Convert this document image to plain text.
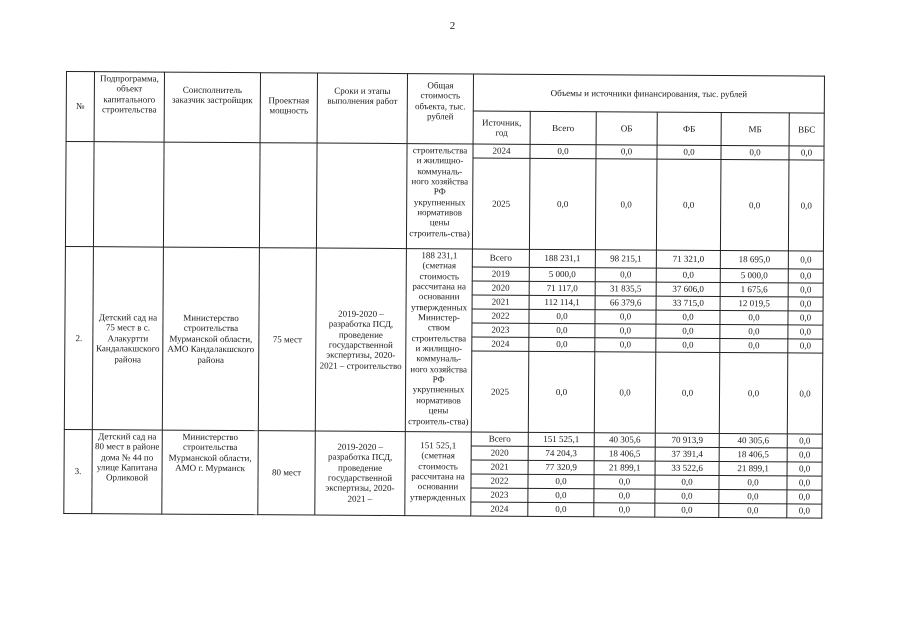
2
№	Подпрограмма, объект капитального строительства	Соисполнитель заказчик застройщик	Проектная мощность	Сроки и этапы выполнения работ	Общая стоимость объекта, тыс. рублей	Объемы и источники финансирования, тыс. рублей					
						Источник, год	Всего	ОБ	ФБ	МБ	ВБС
					строительства и жилищно-коммуналь-ного хозяйства РФ укрупненных нормативов цены строитель-ства)	2024	0,0	0,0	0,0	0,0	0,0
						2025	0,0	0,0	0,0	0,0	0,0
2.	Детский сад на 75 мест в с. Алакуртти Кандалакшского района	Министерство строительства Мурманской области, АМО Кандалакшского района	75 мест	2019-2020 – разработка ПСД, проведение государственной экспертизы, 2020-2021 – строительство	188 231,1 (сметная стоимость рассчитана на основании утвержденных Министер-ством строительства и жилищно-коммуналь-ного хозяйства РФ укрупненных нормативов цены строитель-ства)	Всего	188 231,1	98 215,1	71 321,0	18 695,0	0,0
						2019	5 000,0	0,0	0,0	5 000,0	0,0
						2020	71 117,0	31 835,5	37 606,0	1 675,6	0,0
						2021	112 114,1	66 379,6	33 715,0	12 019,5	0,0
						2022	0,0	0,0	0,0	0,0	0,0
						2023	0,0	0,0	0,0	0,0	0,0
						2024	0,0	0,0	0,0	0,0	0,0
						2025	0,0	0,0	0,0	0,0	0,0
3.	Детский сад на 80 мест в районе дома № 44 по улице Капитана Орликовой	Министерство строительства Мурманской области, АМО г. Мурманск	80 мест	2019-2020 – разработка ПСД, проведение государственной экспертизы, 2020-2021 –	151 525,1 (сметная стоимость рассчитана на основании утвержденных	Всего	151 525,1	40 305,6	70 913,9	40 305,6	0,0
						2020	74 204,3	18 406,5	37 391,4	18 406,5	0,0
						2021	77 320,9	21 899,1	33 522,6	21 899,1	0,0
						2022	0,0	0,0	0,0	0,0	0,0
						2023	0,0	0,0	0,0	0,0	0,0
						2024	0,0	0,0	0,0	0,0	0,0
